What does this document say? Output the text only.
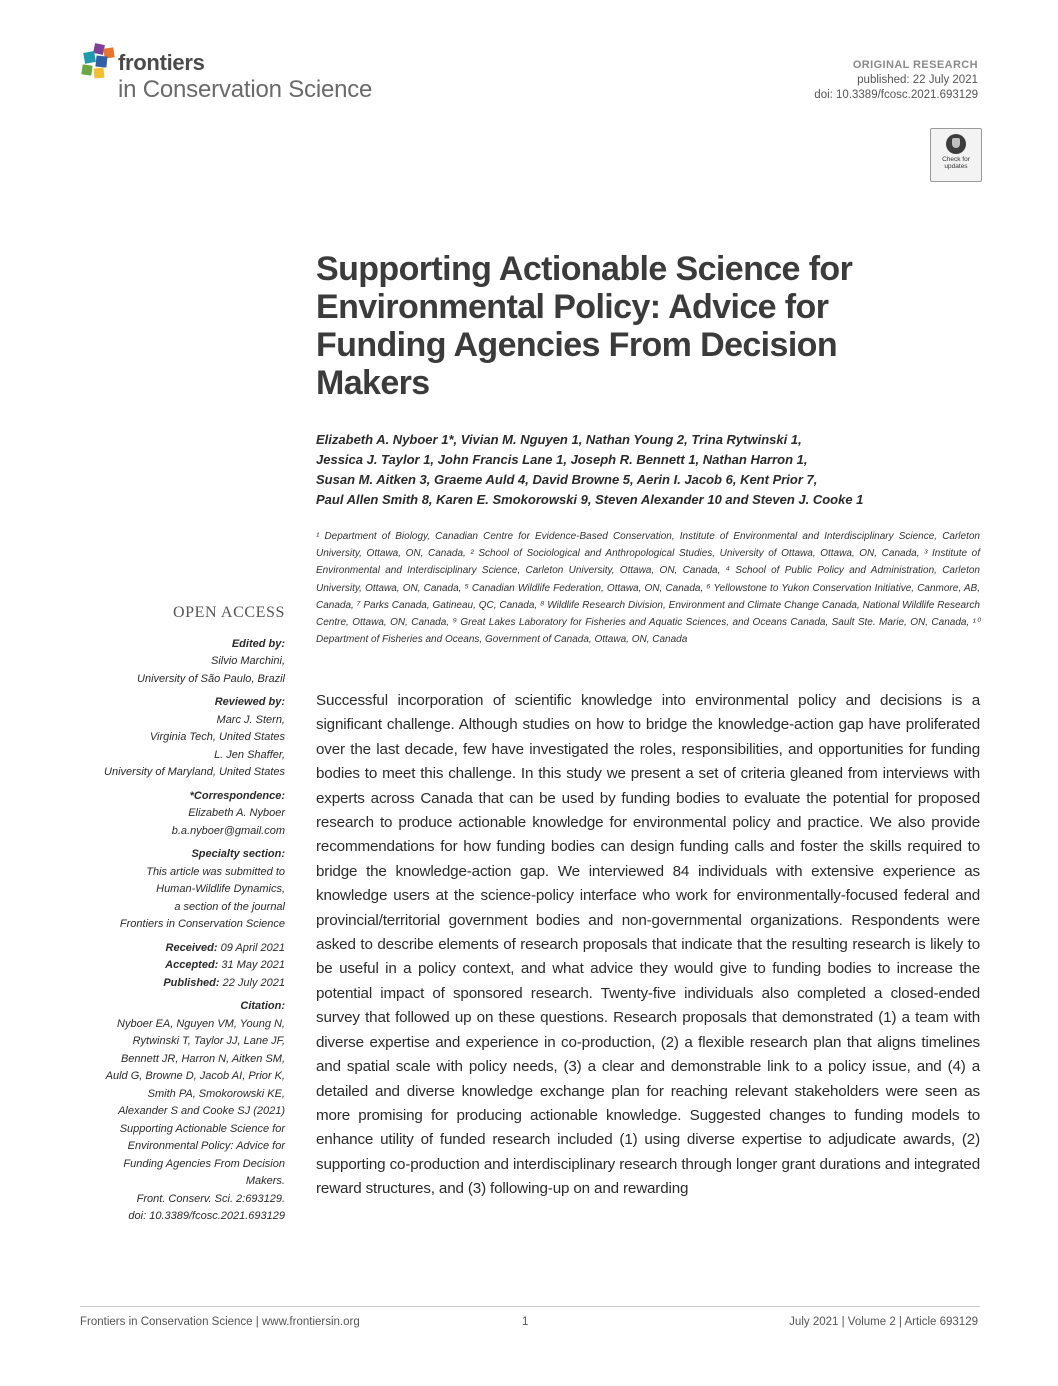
frontiers
in Conservation Science
ORIGINAL RESEARCH
published: 22 July 2021
doi: 10.3389/fcosc.2021.693129
Check for
updates
Supporting Actionable Science for Environmental Policy: Advice for Funding Agencies From Decision Makers
Elizabeth A. Nyboer 1*, Vivian M. Nguyen 1, Nathan Young 2, Trina Rytwinski 1,
Jessica J. Taylor 1, John Francis Lane 1, Joseph R. Bennett 1, Nathan Harron 1,
Susan M. Aitken 3, Graeme Auld 4, David Browne 5, Aerin I. Jacob 6, Kent Prior 7,
Paul Allen Smith 8, Karen E. Smokorowski 9, Steven Alexander 10 and Steven J. Cooke 1
¹ Department of Biology, Canadian Centre for Evidence-Based Conservation, Institute of Environmental and Interdisciplinary Science, Carleton University, Ottawa, ON, Canada, ² School of Sociological and Anthropological Studies, University of Ottawa, Ottawa, ON, Canada, ³ Institute of Environmental and Interdisciplinary Science, Carleton University, Ottawa, ON, Canada, ⁴ School of Public Policy and Administration, Carleton University, Ottawa, ON, Canada, ⁵ Canadian Wildlife Federation, Ottawa, ON, Canada, ⁶ Yellowstone to Yukon Conservation Initiative, Canmore, AB, Canada, ⁷ Parks Canada, Gatineau, QC, Canada, ⁸ Wildlife Research Division, Environment and Climate Change Canada, National Wildlife Research Centre, Ottawa, ON, Canada, ⁹ Great Lakes Laboratory for Fisheries and Aquatic Sciences, and Oceans Canada, Sault Ste. Marie, ON, Canada, ¹⁰ Department of Fisheries and Oceans, Government of Canada, Ottawa, ON, Canada
OPEN ACCESS
Edited by:
Silvio Marchini,
University of São Paulo, Brazil
Reviewed by:
Marc J. Stern,
Virginia Tech, United States
L. Jen Shaffer,
University of Maryland, United States
*Correspondence:
Elizabeth A. Nyboer
b.a.nyboer@gmail.com
Specialty section:
This article was submitted to
Human-Wildlife Dynamics,
a section of the journal
Frontiers in Conservation Science
Received: 09 April 2021
Accepted: 31 May 2021
Published: 22 July 2021
Citation:
Nyboer EA, Nguyen VM, Young N,
Rytwinski T, Taylor JJ, Lane JF,
Bennett JR, Harron N, Aitken SM,
Auld G, Browne D, Jacob AI, Prior K,
Smith PA, Smokorowski KE,
Alexander S and Cooke SJ (2021)
Supporting Actionable Science for
Environmental Policy: Advice for
Funding Agencies From Decision
Makers.
Front. Conserv. Sci. 2:693129.
doi: 10.3389/fcosc.2021.693129

Successful incorporation of scientific knowledge into environmental policy and decisions is a significant challenge. Although studies on how to bridge the knowledge-action gap have proliferated over the last decade, few have investigated the roles, responsibilities, and opportunities for funding bodies to meet this challenge. In this study we present a set of criteria gleaned from interviews with experts across Canada that can be used by funding bodies to evaluate the potential for proposed research to produce actionable knowledge for environmental policy and practice. We also provide recommendations for how funding bodies can design funding calls and foster the skills required to bridge the knowledge-action gap. We interviewed 84 individuals with extensive experience as knowledge users at the science-policy interface who work for environmentally-focused federal and provincial/territorial government bodies and non-governmental organizations. Respondents were asked to describe elements of research proposals that indicate that the resulting research is likely to be useful in a policy context, and what advice they would give to funding bodies to increase the potential impact of sponsored research. Twenty-five individuals also completed a closed-ended survey that followed up on these questions. Research proposals that demonstrated (1) a team with diverse expertise and experience in co-production, (2) a flexible research plan that aligns timelines and spatial scale with policy needs, (3) a clear and demonstrable link to a policy issue, and (4) a detailed and diverse knowledge exchange plan for reaching relevant stakeholders were seen as more promising for producing actionable knowledge. Suggested changes to funding models to enhance utility of funded research included (1) using diverse expertise to adjudicate awards, (2) supporting co-production and interdisciplinary research through longer grant durations and integrated reward structures, and (3) following-up on and rewarding

Frontiers in Conservation Science | www.frontiersin.org	1	July 2021 | Volume 2 | Article 693129
